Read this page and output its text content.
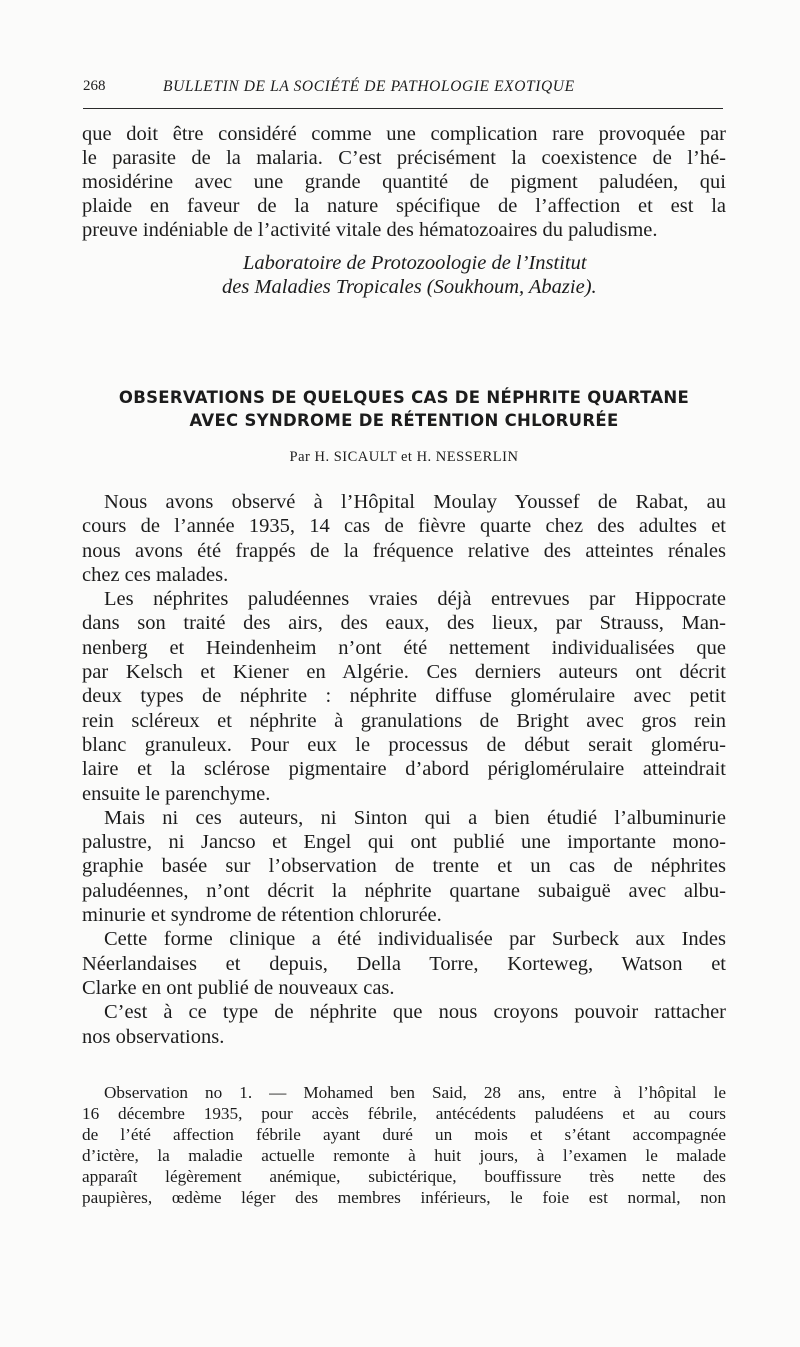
268	BULLETIN DE LA SOCIÉTÉ DE PATHOLOGIE EXOTIQUE
que doit être considéré comme une complication rare provoquée par
le parasite de la malaria. C’est précisément la coexistence de l’hé-
mosidérine avec une grande quantité de pigment paludéen, qui
plaide en faveur de la nature spécifique de l’affection et est la
preuve indéniable de l’activité vitale des hématozoaires du paludisme.
Laboratoire de Protozoologie de l’Institut
des Maladies Tropicales (Soukhoum, Abazie).
OBSERVATIONS DE QUELQUES CAS DE NÉPHRITE QUARTANE
AVEC SYNDROME DE RÉTENTION CHLORURÉE
Par H. SICAULT et H. NESSERLIN
Nous avons observé à l’Hôpital Moulay Youssef de Rabat, au
cours de l’année 1935, 14 cas de fièvre quarte chez des adultes et
nous avons été frappés de la fréquence relative des atteintes rénales
chez ces malades.
Les néphrites paludéennes vraies déjà entrevues par Hippocrate
dans son traité des airs, des eaux, des lieux, par Strauss, Man-
nenberg et Heindenheim n’ont été nettement individualisées que
par Kelsch et Kiener en Algérie. Ces derniers auteurs ont décrit
deux types de néphrite : néphrite diffuse glomérulaire avec petit
rein scléreux et néphrite à granulations de Bright avec gros rein
blanc granuleux. Pour eux le processus de début serait gloméru-
laire et la sclérose pigmentaire d’abord périglomérulaire atteindrait
ensuite le parenchyme.
Mais ni ces auteurs, ni Sinton qui a bien étudié l’albuminurie
palustre, ni Jancso et Engel qui ont publié une importante mono-
graphie basée sur l’observation de trente et un cas de néphrites
paludéennes, n’ont décrit la néphrite quartane subaiguë avec albu-
minurie et syndrome de rétention chlorurée.
Cette forme clinique a été individualisée par Surbeck aux Indes
Néerlandaises et depuis, Della Torre, Korteweg, Watson et
Clarke en ont publié de nouveaux cas.
C’est à ce type de néphrite que nous croyons pouvoir rattacher
nos observations.
Observation no 1. — Mohamed ben Said, 28 ans, entre à l’hôpital le
16 décembre 1935, pour accès fébrile, antécédents paludéens et au cours
de l’été affection fébrile ayant duré un mois et s’étant accompagnée
d’ictère, la maladie actuelle remonte à huit jours, à l’examen le malade
apparaît légèrement anémique, subictérique, bouffissure très nette des
paupières, œdème léger des membres inférieurs, le foie est normal, non
